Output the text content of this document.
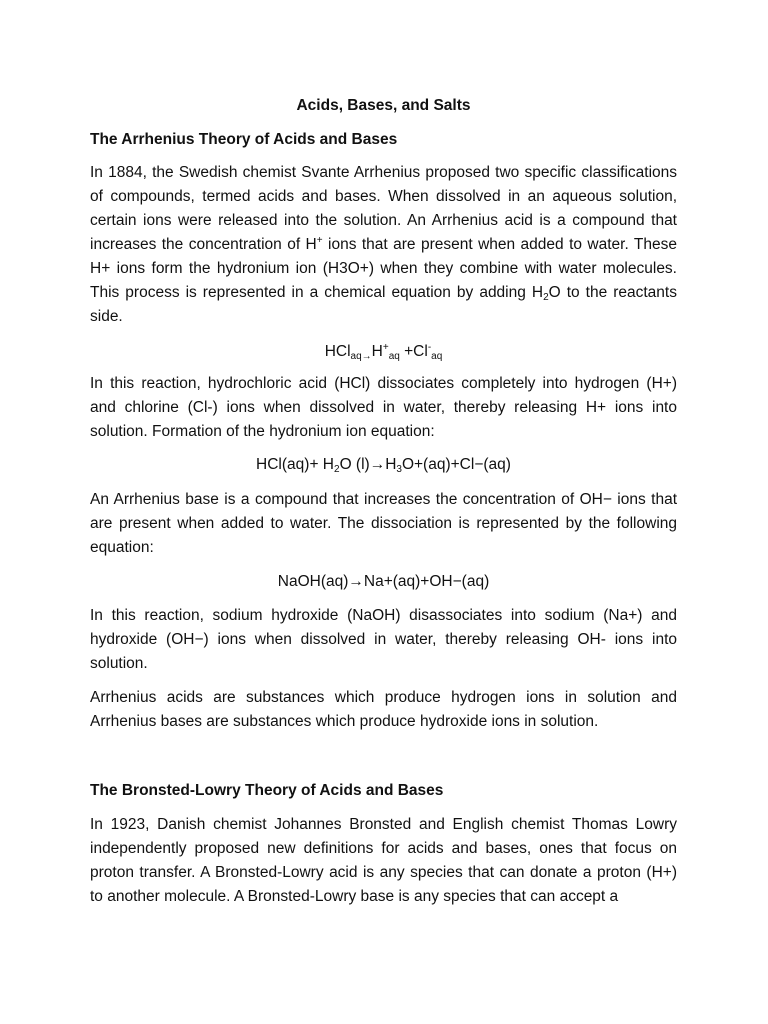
Acids, Bases, and Salts
The Arrhenius Theory of Acids and Bases

In 1884, the Swedish chemist Svante Arrhenius proposed two specific classifications of compounds, termed acids and bases. When dissolved in an aqueous solution, certain ions were released into the solution. An Arrhenius acid is a compound that increases the concentration of H+ ions that are present when added to water. These H+ ions form the hydronium ion (H3O+) when they combine with water molecules. This process is represented in a chemical equation by adding $H_2O$ to the reactants side.

$HCl_{aq\to}H^+_{aq} +Cl^-_{aq}$

In this reaction, hydrochloric acid (HCl) dissociates completely into hydrogen (H+) and chlorine (Cl-) ions when dissolved in water, thereby releasing H+ ions into solution. Formation of the hydronium ion equation:

$HCl(aq)+ H_2O$ $(l)\to H_3O+(aq)+Cl-(aq)$

An Arrhenius base is a compound that increases the concentration of OH− ions that are present when added to water. The dissociation is represented by the following equation:

NaOH(aq)→Na+(aq)+OH−(aq)

In this reaction, sodium hydroxide (NaOH) disassociates into sodium (Na+) and hydroxide (OH−) ions when dissolved in water, thereby releasing OH- ions into solution.

Arrhenius acids are substances which produce hydrogen ions in solution and Arrhenius bases are substances which produce hydroxide ions in solution.

The Bronsted-Lowry Theory of Acids and Bases

In 1923, Danish chemist Johannes Bronsted and English chemist Thomas Lowry independently proposed new definitions for acids and bases, ones that focus on proton transfer. A Bronsted-Lowry acid is any species that can donate a proton (H+) to another molecule. A Bronsted-Lowry base is any species that can accept a
